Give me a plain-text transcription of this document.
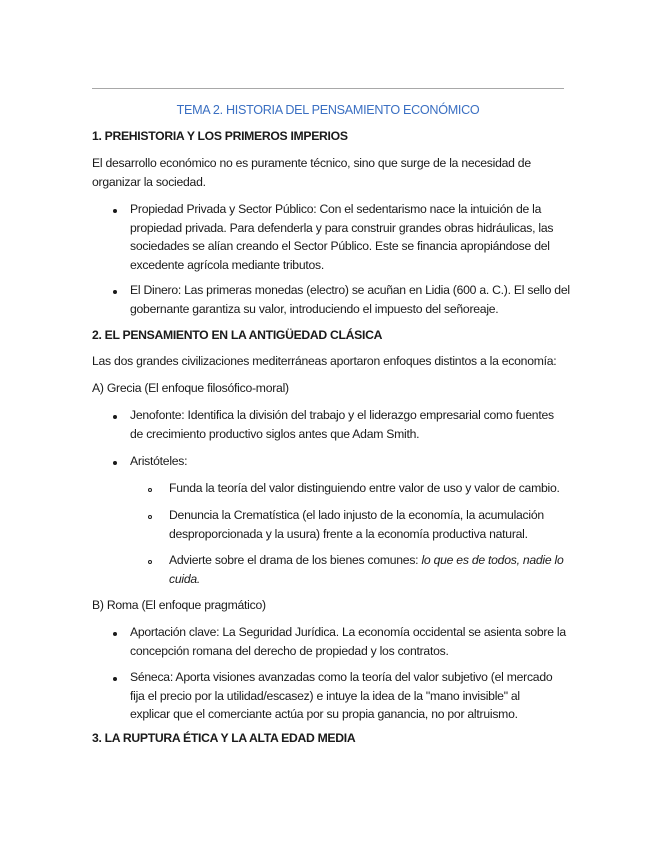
TEMA 2. HISTORIA DEL PENSAMIENTO ECONÓMICO
1. PREHISTORIA Y LOS PRIMEROS IMPERIOS
El desarrollo económico no es puramente técnico, sino que surge de la necesidad de
organizar la sociedad.
Propiedad Privada y Sector Público: Con el sedentarismo nace la intuición de la
propiedad privada. Para defenderla y para construir grandes obras hidráulicas, las
sociedades se alían creando el Sector Público. Este se financia apropiándose del
excedente agrícola mediante tributos.
El Dinero: Las primeras monedas (electro) se acuñan en Lidia (600 a. C.). El sello del
gobernante garantiza su valor, introduciendo el impuesto del señoreaje.
2. EL PENSAMIENTO EN LA ANTIGÜEDAD CLÁSICA
Las dos grandes civilizaciones mediterráneas aportaron enfoques distintos a la economía:
A) Grecia (El enfoque filosófico-moral)
Jenofonte: Identifica la división del trabajo y el liderazgo empresarial como fuentes
de crecimiento productivo siglos antes que Adam Smith.
Aristóteles:
Funda la teoría del valor distinguiendo entre valor de uso y valor de cambio.
Denuncia la Crematística (el lado injusto de la economía, la acumulación
desproporcionada y la usura) frente a la economía productiva natural.
Advierte sobre el drama de los bienes comunes: lo que es de todos, nadie lo
cuida.
B) Roma (El enfoque pragmático)
Aportación clave: La Seguridad Jurídica. La economía occidental se asienta sobre la
concepción romana del derecho de propiedad y los contratos.
Séneca: Aporta visiones avanzadas como la teoría del valor subjetivo (el mercado
fija el precio por la utilidad/escasez) e intuye la idea de la "mano invisible" al
explicar que el comerciante actúa por su propia ganancia, no por altruismo.
3. LA RUPTURA ÉTICA Y LA ALTA EDAD MEDIA
